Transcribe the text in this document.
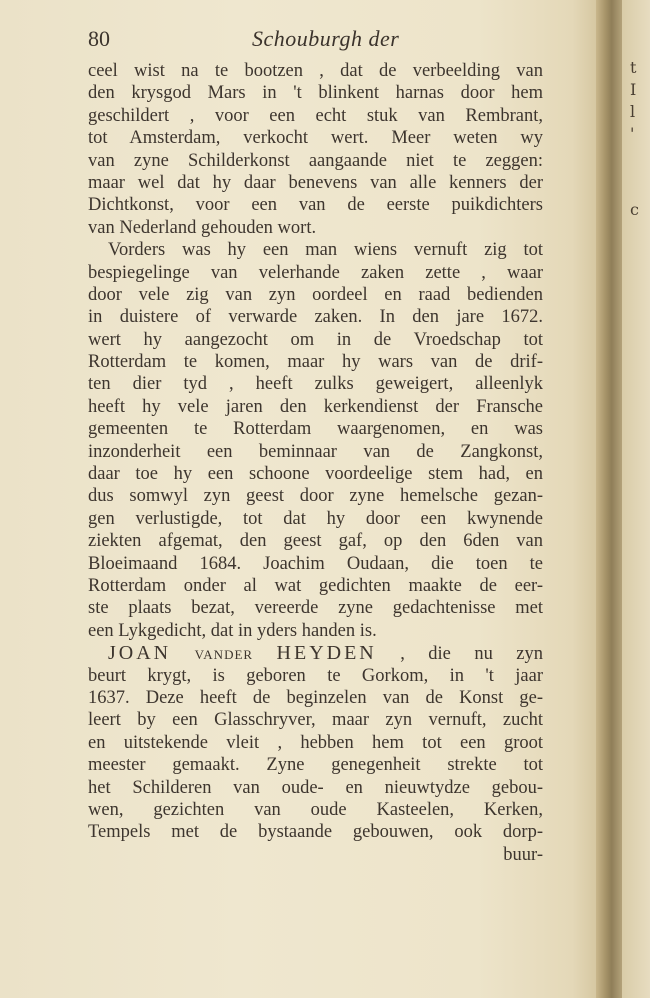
80	Schouburgh der
ceel wist na te bootzen , dat de verbeelding van
den krysgod Mars in 't blinkent harnas door hem
geschildert , voor een echt stuk van Rembrant,
tot Amsterdam, verkocht wert. Meer weten wy
van zyne Schilderkonst aangaande niet te zeggen:
maar wel dat hy daar benevens van alle kenners der
Dichtkonst, voor een van de eerste puikdichters
van Nederland gehouden wort.
Vorders was hy een man wiens vernuft zig tot
bespiegelinge van velerhande zaken zette , waar
door vele zig van zyn oordeel en raad bedienden
in duistere of verwarde zaken. In den jare 1672.
wert hy aangezocht om in de Vroedschap tot
Rotterdam te komen, maar hy wars van de drif-
ten dier tyd , heeft zulks geweigert, alleenlyk
heeft hy vele jaren den kerkendienst der Fransche
gemeenten te Rotterdam waargenomen, en was
inzonderheit een beminnaar van de Zangkonst,
daar toe hy een schoone voordeelige stem had, en
dus somwyl zyn geest door zyne hemelsche gezan-
gen verlustigde, tot dat hy door een kwynende
ziekten afgemat, den geest gaf, op den 6den van
Bloeimaand 1684. Joachim Oudaan, die toen te
Rotterdam onder al wat gedichten maakte de eer-
ste plaats bezat, vereerde zyne gedachtenisse met
een Lykgedicht, dat in yders handen is.
JOAN VANDER HEYDEN , die nu zyn
beurt krygt, is geboren te Gorkom, in 't jaar
1637. Deze heeft de beginzelen van de Konst ge-
leert by een Glasschryver, maar zyn vernuft, zucht
en uitstekende vleit , hebben hem tot een groot
meester gemaakt. Zyne genegenheit strekte tot
het Schilderen van oude- en nieuwtydze gebou-
wen, gezichten van oude Kasteelen, Kerken,
Tempels met de bystaande gebouwen, ook dorp-
buur-
t
I
l
'
c
